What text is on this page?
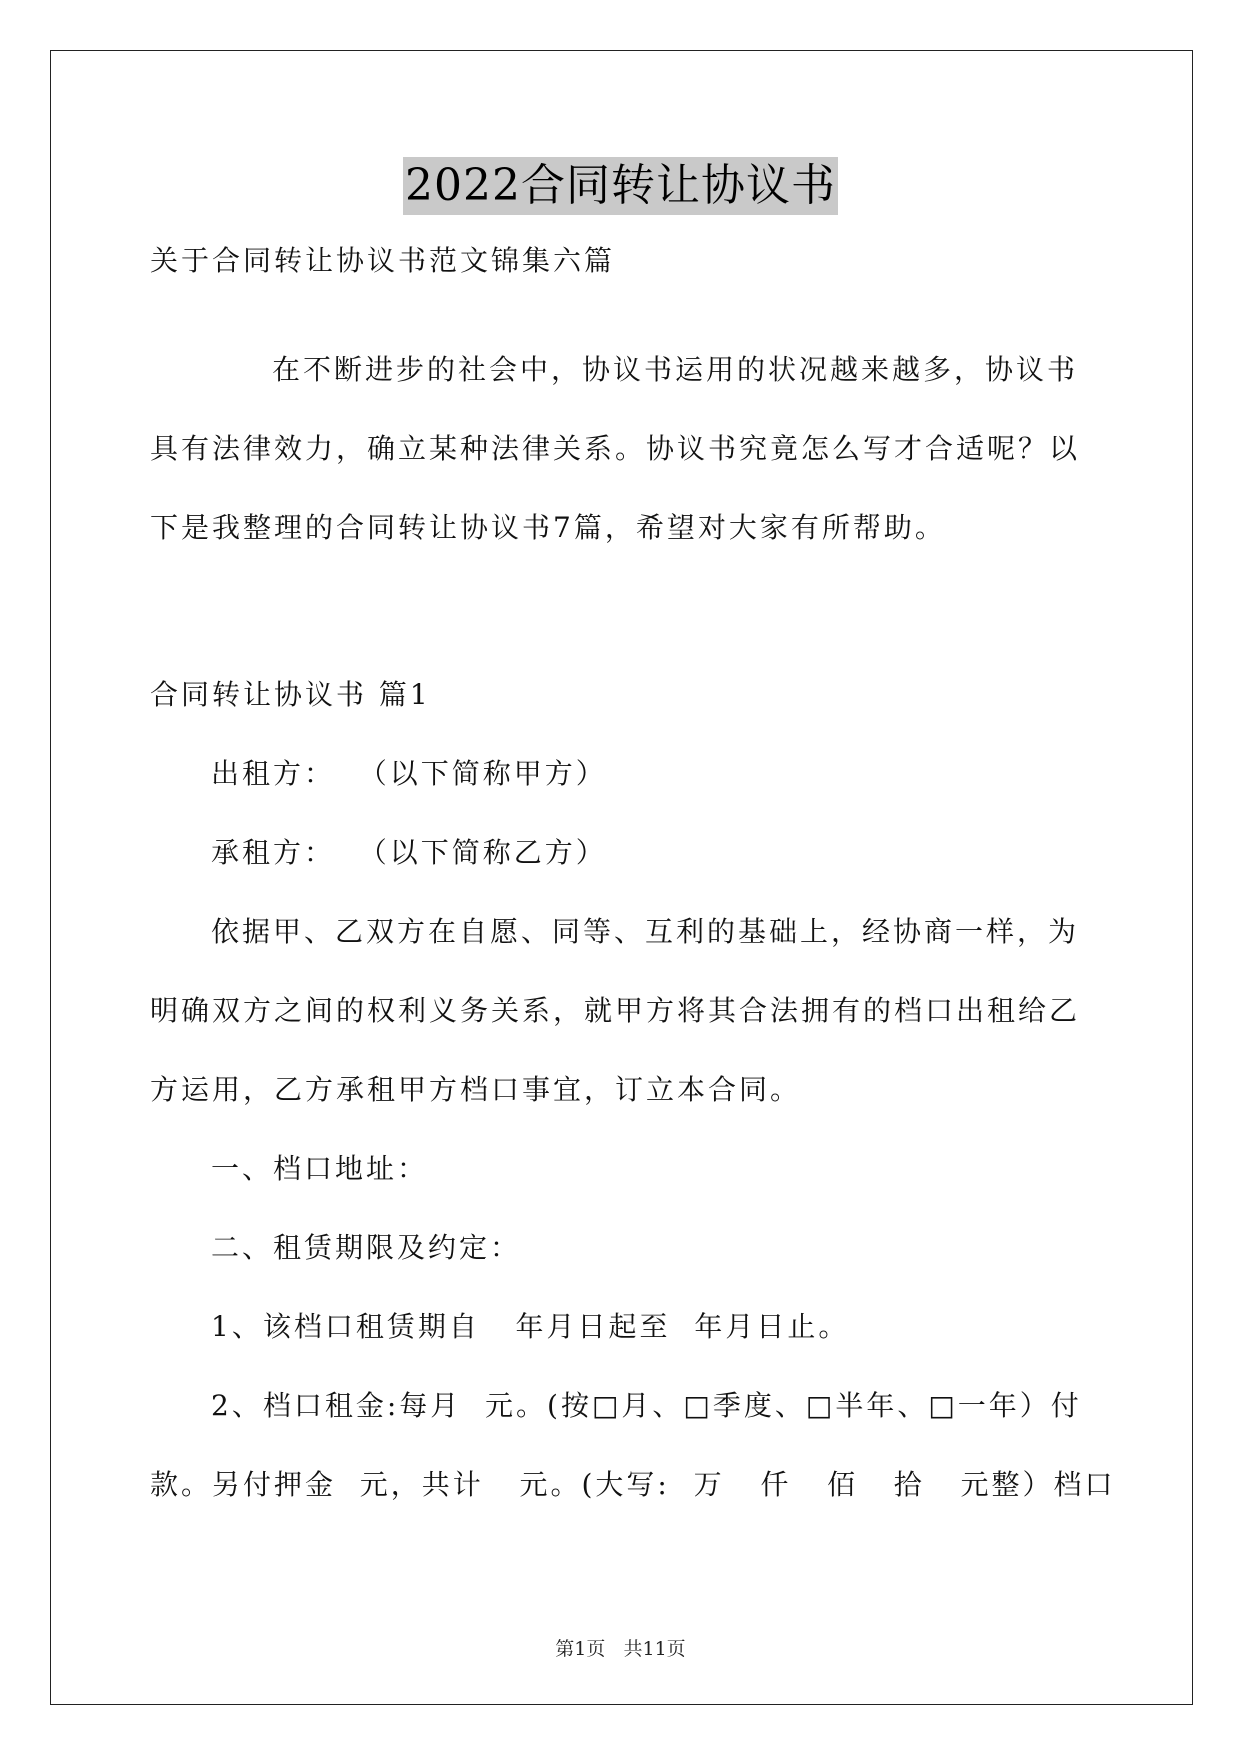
2022合同转让协议书
关于合同转让协议书范文锦集六篇
在不断进步的社会中，协议书运用的状况越来越多，协议书
具有法律效力，确立某种法律关系。协议书究竟怎么写才合适呢？以
下是我整理的合同转让协议书7篇，希望对大家有所帮助。
合同转让协议书 篇1
出租方：  （以下简称甲方）
承租方：  （以下简称乙方）
依据甲、乙双方在自愿、同等、互利的基础上，经协商一样，为
明确双方之间的权利义务关系，就甲方将其合法拥有的档口出租给乙
方运用，乙方承租甲方档口事宜，订立本合同。
一、档口地址：
二、租赁期限及约定：
1、该档口租赁期自   年月日起至  年月日止。
2、档口租金:每月  元。(按□月、□季度、□半年、□一年）付
款。另付押金  元，共计   元。(大写:  万   仟   佰   拾   元整）档口
第1页   共11页
